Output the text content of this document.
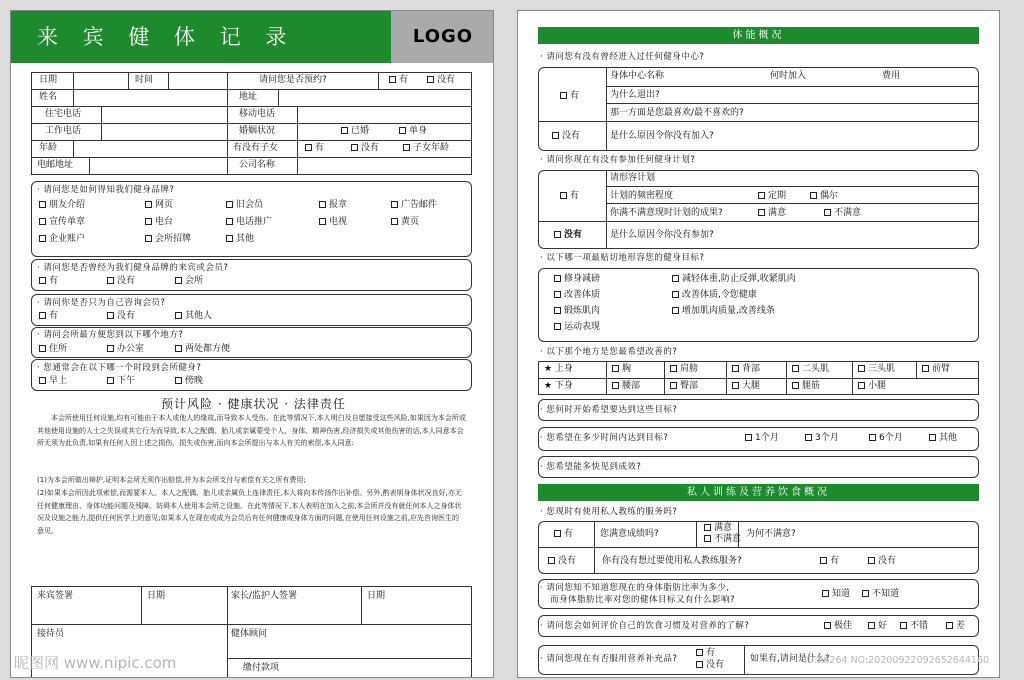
来 宾 健 体 记 录	LOGO
日期	时间	请问您是否预约?	有	没有
姓名	地址
住宅电话	移动电话
工作电话	婚姻状况	已婚	单身
年龄	有没有子女	有	没有	子女年龄
电邮地址	公司名称
· 请问您是如何得知我们健身品牌?
朋友介绍	网页	旧会员	报章	广告邮件
宣传单章	电台	电话推广	电视	黄页
企业账户	会所招牌	其他
· 请问您是否曾经为我们健身品牌的来宾或会员?
有	没有	会所
· 请问你是否只为自己咨询会员?
有	没有	其他人
· 请问会所最方便您到以下哪个地方?
住所	办公室	两处都方便
· 您通常会在以下哪一个时段到会所健身?
早上	下午	傍晚
预计风险 · 健康状况 · 法律责任
本会所使用任何设施,均有可能由于本人或他人的缘故,而导致本人受伤。在此等情况下,本人明白及自愿接受这些风险,如果因为本会所或其他使用设施的人士之失误或其它行为而导致,本人之配偶、胎儿或亲属蒙受个人、身体、精神伤害,经济损失或其他伤害的话,本人同意本会所无须为此负责,如果有任何人因上述之损伤、损失或伤害,而向本会所提出与本人有关的索偿,本人同意:
(1)为本会所做出辩护,证明本会所无须作出赔偿,并为本会所支付与索偿有关之所有费用;
(2)如果本会所因此项索偿,而需要本人、本人之配偶、胎儿或亲属负上连律责任,本人将向本传扬作出补偿。另外,酌表明身体状况良好,亦无任何健康理由、身体功能问题及残障。妨碍本人使用本会所之设施。在此等情况下,本人表明在加入之前,本会所并没有就任何本人之身体状况及设施之能力,提供任何医学上的意见;如果本人在现在或成为会员后有任何健康或身体方面的问题,在使用任何设施之前,应先咨询医生的意见。
来宾签署	日期	家长/监护人签署	日期
接待员	健体顾问
缴付款项
体能概况
· 请问您有没有曾经进入过任何健身中心?
有
身体中心名称	何时加入	费用
为什么退出?
那一方面是您最喜欢/最不喜欢的?
没有	是什么原因令你没有加入?
· 请问你现在有没有参加任何健身计划?
有
请形容计划
计划的频密程度	定期	偶尔
你满不满意现时计划的成果?	满意	不满意
没有	是什么原因令你没有参加?
· 以下哪一项最贴切地形容您的健身目标?
修身减磅	减轻体重,防止反弹,收紧肌肉
改善体质	改善体质,令您健康
锻炼肌肉	增加肌肉质量,改善线条
运动表现
· 以下那个地方是您最希望改善的?
★ 上身	胸	肩膀	背部	二头肌	三头肌	前臂
★ 下身	腰部	臀部	大腿	腿筋	小腿
· 您何时开始希望要达到这些目标?
· 您希望在多少时间内达到目标?	1个月	3个月	6个月	其他
· 您希望能多快见到成效?
私人训练及营养饮食概况
· 您现时有使用私人教练的服务吗?
有	您满意成绩吗?
满意
不满意 为何不满意?
没有	你有没有想过要使用私人教练服务?	有	没有
· 请问您知不知道您现在的身体脂肪比率为多少,
而身体脂肪比率对您的健体目标又有什么影响?
知道	不知道
· 请问您会如何评价自己的饮食习惯及对营养的了解?	极佳	好	不错	差
· 请问您现在有否服用营养补充品?
有
没有
如果有,请问是什么?
昵图网 www.nipic.com	ID:26264 NO:20200922092652644160
